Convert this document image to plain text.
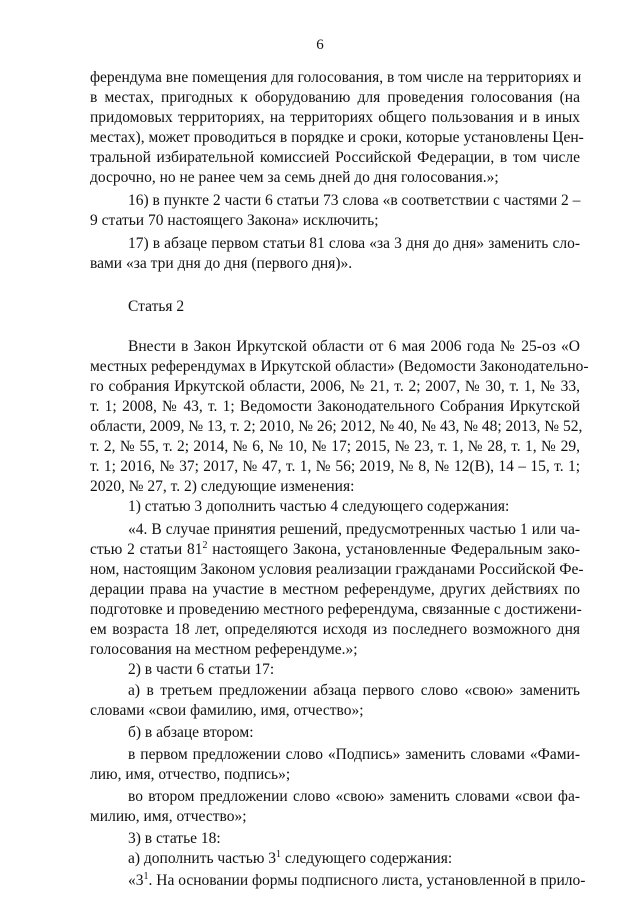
6
ферендума вне помещения для голосования, в том числе на территориях и
в местах, пригодных к оборудованию для проведения голосования (на
придомовых территориях, на территориях общего пользования и в иных
местах), может проводиться в порядке и сроки, которые установлены Цен-
тральной избирательной комиссией Российской Федерации, в том числе
досрочно, но не ранее чем за семь дней до дня голосования.»;
16) в пункте 2 части 6 статьи 73 слова «в соответствии с частями 2 –
9 статьи 70 настоящего Закона» исключить;
17) в абзаце первом статьи 81 слова «за 3 дня до дня» заменить сло-
вами «за три дня до дня (первого дня)».
Статья 2
Внести в Закон Иркутской области от 6 мая 2006 года № 25-оз «О
местных референдумах в Иркутской области» (Ведомости Законодательно-
го собрания Иркутской области, 2006, № 21, т. 2; 2007, № 30, т. 1, № 33,
т. 1; 2008, № 43, т. 1; Ведомости Законодательного Собрания Иркутской
области, 2009, № 13, т. 2; 2010, № 26; 2012, № 40, № 43, № 48; 2013, № 52,
т. 2, № 55, т. 2; 2014, № 6, № 10, № 17; 2015, № 23, т. 1, № 28, т. 1, № 29,
т. 1; 2016, № 37; 2017, № 47, т. 1, № 56; 2019, № 8, № 12(В), 14 – 15, т. 1;
2020, № 27, т. 2) следующие изменения:
1) статью 3 дополнить частью 4 следующего содержания:
«4. В случае принятия решений, предусмотренных частью 1 или ча-
стью 2 статьи $81^2$ настоящего Закона, установленные Федеральным зако-
ном, настоящим Законом условия реализации гражданами Российской Фе-
дерации права на участие в местном референдуме, других действиях по
подготовке и проведению местного референдума, связанные с достижени-
ем возраста 18 лет, определяются исходя из последнего возможного дня
голосования на местном референдуме.»;
2) в части 6 статьи 17:
а) в третьем предложении абзаца первого слово «свою» заменить
словами «свои фамилию, имя, отчество»;
б) в абзаце втором:
в первом предложении слово «Подпись» заменить словами «Фами-
лию, имя, отчество, подпись»;
во втором предложении слово «свою» заменить словами «свои фа-
милию, имя, отчество»;
3) в статье 18:
а) дополнить частью $3^1$ следующего содержания:
«$3^1$. На основании формы подписного листа, установленной в прило-
